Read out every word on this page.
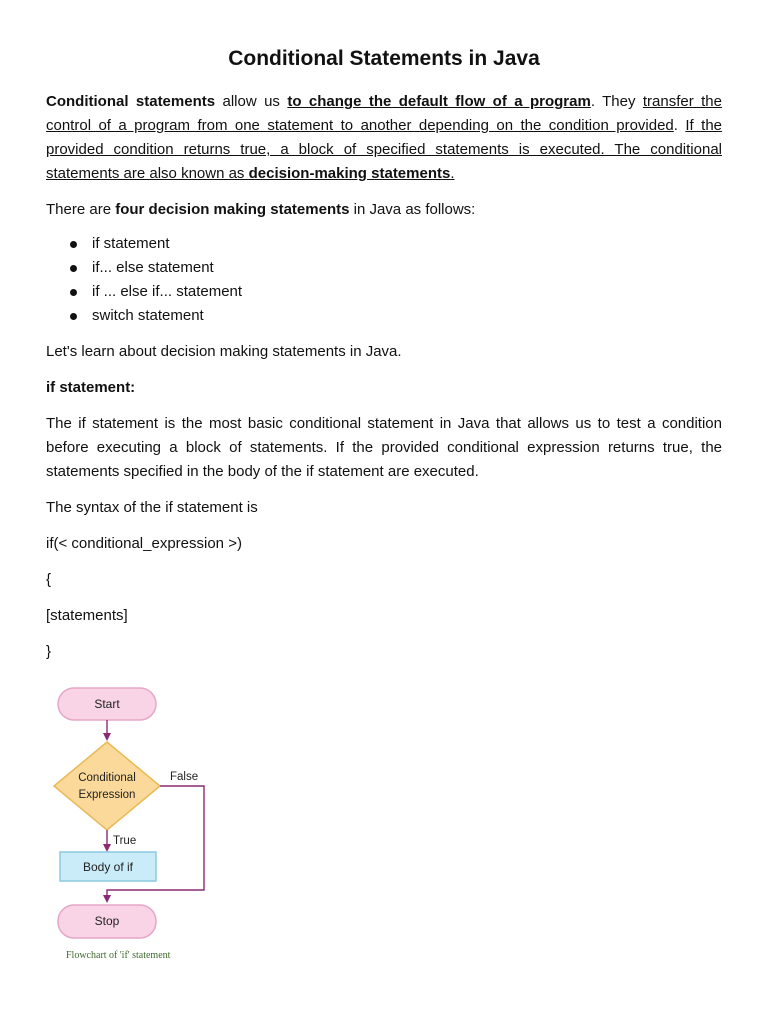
Conditional Statements in Java

Conditional statements allow us to change the default flow of a program. They transfer the control of a program from one statement to another depending on the condition provided. If the provided condition returns true, a block of specified statements is executed. The conditional statements are also known as decision-making statements.

There are four decision making statements in Java as follows:

if statement
if... else statement
if ... else if... statement
switch statement

Let's learn about decision making statements in Java.

if statement:

The if statement is the most basic conditional statement in Java that allows us to test a condition before executing a block of statements. If the provided conditional expression returns true, the statements specified in the body of the if statement are executed.

The syntax of the if statement is

if(< conditional_expression >)

{

[statements]

}

Start
Conditional
Expression
False
True
Body of if
Stop
Flowchart of 'if' statement
